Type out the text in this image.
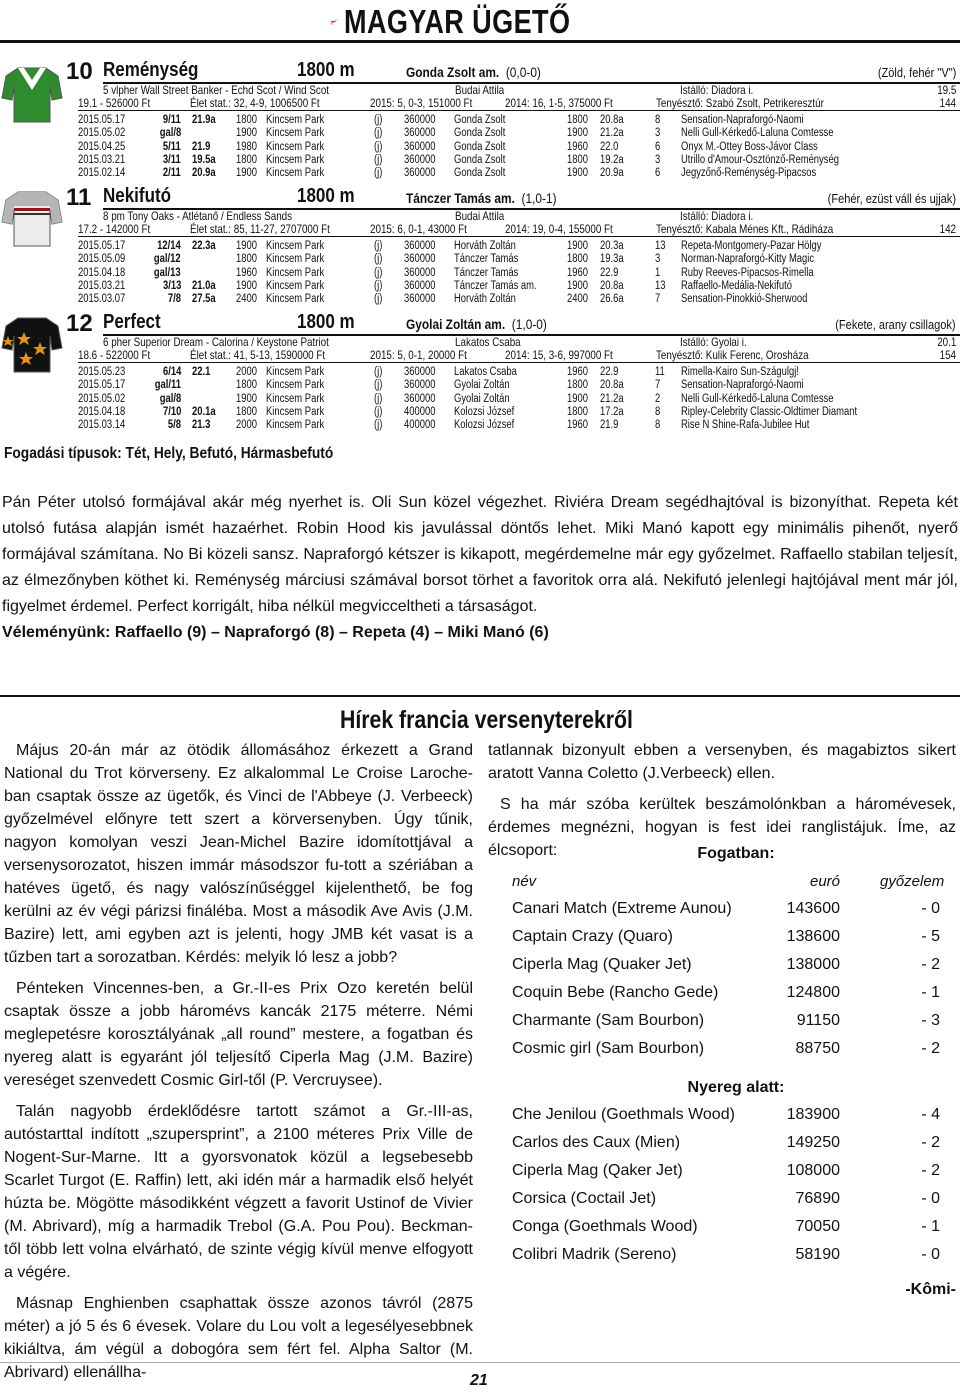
MAGYAR ÜGETŐ
10 Reménység	1800 m	Gonda Zsolt am. (0,0-0)	(Zöld, fehér "V")
5 vlpher Wall Street Banker - Echd Scot / Wind Scot	Budai Attila	Istálló: Diadora i.	19.5
19.1 - 526000 Ft	Élet stat.: 32, 4-9, 1006500 Ft	2015: 5, 0-3, 151000 Ft	2014: 16, 1-5, 375000 Ft	Tenyésztő: Szabó Zsolt, Petrikeresztúr	144
2015.05.17	9/11 21.9a 1800 Kincsem Park	(j) 360000 Gonda Zsolt	1800 20.8a	8 Sensation-Napraforgó-Naomi
2015.05.02	gal/8	1900 Kincsem Park	(j) 360000 Gonda Zsolt	1900 21.2a	3 Nelli Gull-Kérkedő-Laluna Comtesse
2015.04.25	5/11 21.9 1980 Kincsem Park	(j) 360000 Gonda Zsolt	1960 22.0	6 Onyx M.-Ottey Boss-Jávor Class
2015.03.21	3/11 19.5a 1800 Kincsem Park	(j) 360000 Gonda Zsolt	1800 19.2a	3 Utrillo d'Amour-Ösztönző-Reménység
2015.02.14	2/11 20.9a 1900 Kincsem Park	(j) 360000 Gonda Zsolt	1900 20.9a	6 Jegyzőnő-Reménység-Pipacsos
11 Nekifutó	1800 m	Tánczer Tamás am. (1,0-1)	(Fehér, ezüst váll és ujjak)
8 pm Tony Oaks - Atlétanő / Endless Sands	Budai Attila	Istálló: Diadora i.
17.2 - 142000 Ft	Élet stat.: 85, 11-27, 2707000 Ft	2015: 6, 0-1, 43000 Ft	2014: 19, 0-4, 155000 Ft	Tenyésztő: Kabala Ménes Kft., Rádiháza	142
2015.05.17	12/14 22.3a 1900 Kincsem Park	(j) 360000 Horváth Zoltán	1900 20.3a	13 Repeta-Montgomery-Pazar Hölgy
2015.05.09	gal/12	1800 Kincsem Park	(j) 360000 Tánczer Tamás	1800 19.3a	3 Norman-Napraforgó-Kitty Magic
2015.04.18	gal/13	1960 Kincsem Park	(j) 360000 Tánczer Tamás	1960 22.9	1 Ruby Reeves-Pipacsos-Rimella
2015.03.21	3/13 21.0a 1900 Kincsem Park	(j) 360000 Tánczer Tamás am.	1900 20.8a	13 Raffaello-Medália-Nekifutó
2015.03.07	7/8 27.5a 2400 Kincsem Park	(j) 360000 Horváth Zoltán	2400 26.6a	7 Sensation-Pinokkió-Sherwood
12 Perfect	1800 m	Gyolai Zoltán am. (1,0-0)	(Fekete, arany csillagok)
6 pher Superior Dream - Calorina / Keystone Patriot	Lakatos Csaba	Istálló: Gyolai i.	20.1
18.6 - 522000 Ft	Élet stat.: 41, 5-13, 1590000 Ft	2015: 5, 0-1, 20000 Ft	2014: 15, 3-6, 997000 Ft	Tenyésztő: Kulik Ferenc, Orosháza	154
2015.05.23	6/14 22.1 2000 Kincsem Park	(j) 360000 Lakatos Csaba	1960 22.9	11 Rimella-Kairo Sun-Szágulgj!
2015.05.17	gal/11	1800 Kincsem Park	(j) 360000 Gyolai Zoltán	1800 20.8a	7 Sensation-Napraforgó-Naomi
2015.05.02	gal/8	1900 Kincsem Park	(j) 360000 Gyolai Zoltán	1900 21.2a	2 Nelli Gull-Kérkedő-Laluna Comtesse
2015.04.18	7/10 20.1a 1800 Kincsem Park	(j) 400000 Kolozsi József	1800 17.2a	8 Ripley-Celebrity Classic-Oldtimer Diamant
2015.03.14	5/8 21.3 2000 Kincsem Park	(j) 400000 Kolozsi József	1960 21.9	8 Rise N Shine-Rafa-Jubilee Hut
Fogadási típusok: Tét, Hely, Befutó, Hármasbefutó
Pán Péter utolsó formájával akár még nyerhet is. Oli Sun közel végezhet. Riviéra Dream segédhajtóval is bizonyíthat. Repeta két utolsó futása alapján ismét hazaérhet. Robin Hood kis javulással döntős lehet. Miki Manó kapott egy minimális pihenőt, nyerő formájával számítana. No Bi közeli sansz. Napraforgó kétszer is kikapott, megérdemelne már egy győzelmet. Raffaello stabilan teljesít, az élmezőnyben köthet ki. Reménység márciusi számával borsot törhet a favoritok orra alá. Nekifutó jelenlegi hajtójával ment már jól, figyelmet érdemel. Perfect korrigált, hiba nélkül megvicceltheti a társaságot.
Véleményünk: Raffaello (9) – Napraforgó (8) – Repeta (4) – Miki Manó (6)
Hírek francia versenyterekről

Május 20-án már az ötödik állomásához érkezett a Grand National du Trot körverseny. Ez alkalommal Le Croise Laroche-ban csaptak össze az ügetők, és Vinci de l'Abbeye (J. Verbeeck) győzelmével előnyre tett szert a körversenyben. Úgy tűnik, nagyon komolyan veszi Jean-Michel Bazire idomítottjával a versenysorozatot, hiszen immár másodszor fu-tott a szériában a hatéves ügető, és nagy valószínűséggel kijelenthető, be fog kerülni az év végi párizsi finálébа. Most a második Ave Avis (J.M. Bazire) lett, ami egyben azt is jelenti, hogy JMB két vasat is a tűzben tart a sorozatban. Kérdés: melyik ló lesz a jobb?

Pénteken Vincennes-ben, a Gr.-II-es Prix Ozo keretén belül csaptak össze a jobb háromévs kancák 2175 méterre. Némi meglepetésre korosztályának „all round” mestere, a fogatban és nyereg alatt is egyaránt jól teljesítő Ciperla Mag (J.M. Bazire) vereséget szenvedett Cosmic Girl-től (P. Vercruysee).

Talán nagyobb érdeklődésre tartott számot a Gr.-III-as, autóstarttal indított „szupersprint”, a 2100 méteres Prix Ville de Nogent-Sur-Marne. Itt a gyorsvonatok közül a legsebesebb Scarlet Turgot (E. Raffin) lett, aki idén már a harmadik első helyét húzta be. Mögötte másodikként végzett a favorit Ustinof de Vivier (M. Abrivard), míg a harmadik Trebol (G.A. Pou Pou). Beckman-től több lett volna elvárható, de szinte végig kívül menve elfogyott a végére.

Másnap Enghienben csaphattak össze azonos távról (2875 méter) a jó 5 és 6 évesek. Volare du Lou volt a legesélyesebbnek kikiáltva, ám végül a dobogóra sem fért fel. Alpha Saltor (M. Abrivard) ellenállha-

tatlannak bizonyult ebben a versenyben, és magabiztos sikert aratott Vanna Coletto (J.Verbeeck) ellen.

S ha már szóba kerültek beszámolónkban a háromévesek, érdemes megnézni, hogyan is fest idei ranglistájuk. Íme, az élcsoport:	Fogatban:
név	euró	győzelem
Canari Match (Extreme Aunou)	143600	- 0
Captain Crazy (Quaro)	138600	- 5
Ciperla Mag (Quaker Jet)	138000	- 2
Coquin Bebe (Rancho Gede)	124800	- 1
Charmante (Sam Bourbon)	91150	- 3
Cosmic girl (Sam Bourbon)	88750	- 2
Nyereg alatt:
Che Jenilou (Goethmals Wood)	183900	- 4
Carlos des Caux (Mien)	149250	- 2
Ciperla Mag (Qaker Jet)	108000	- 2
Corsica (Coctail Jet)	76890	- 0
Conga (Goethmals Wood)	70050	- 1
Colibri Madrik (Sereno)	58190	- 0
-Kômi-
21
